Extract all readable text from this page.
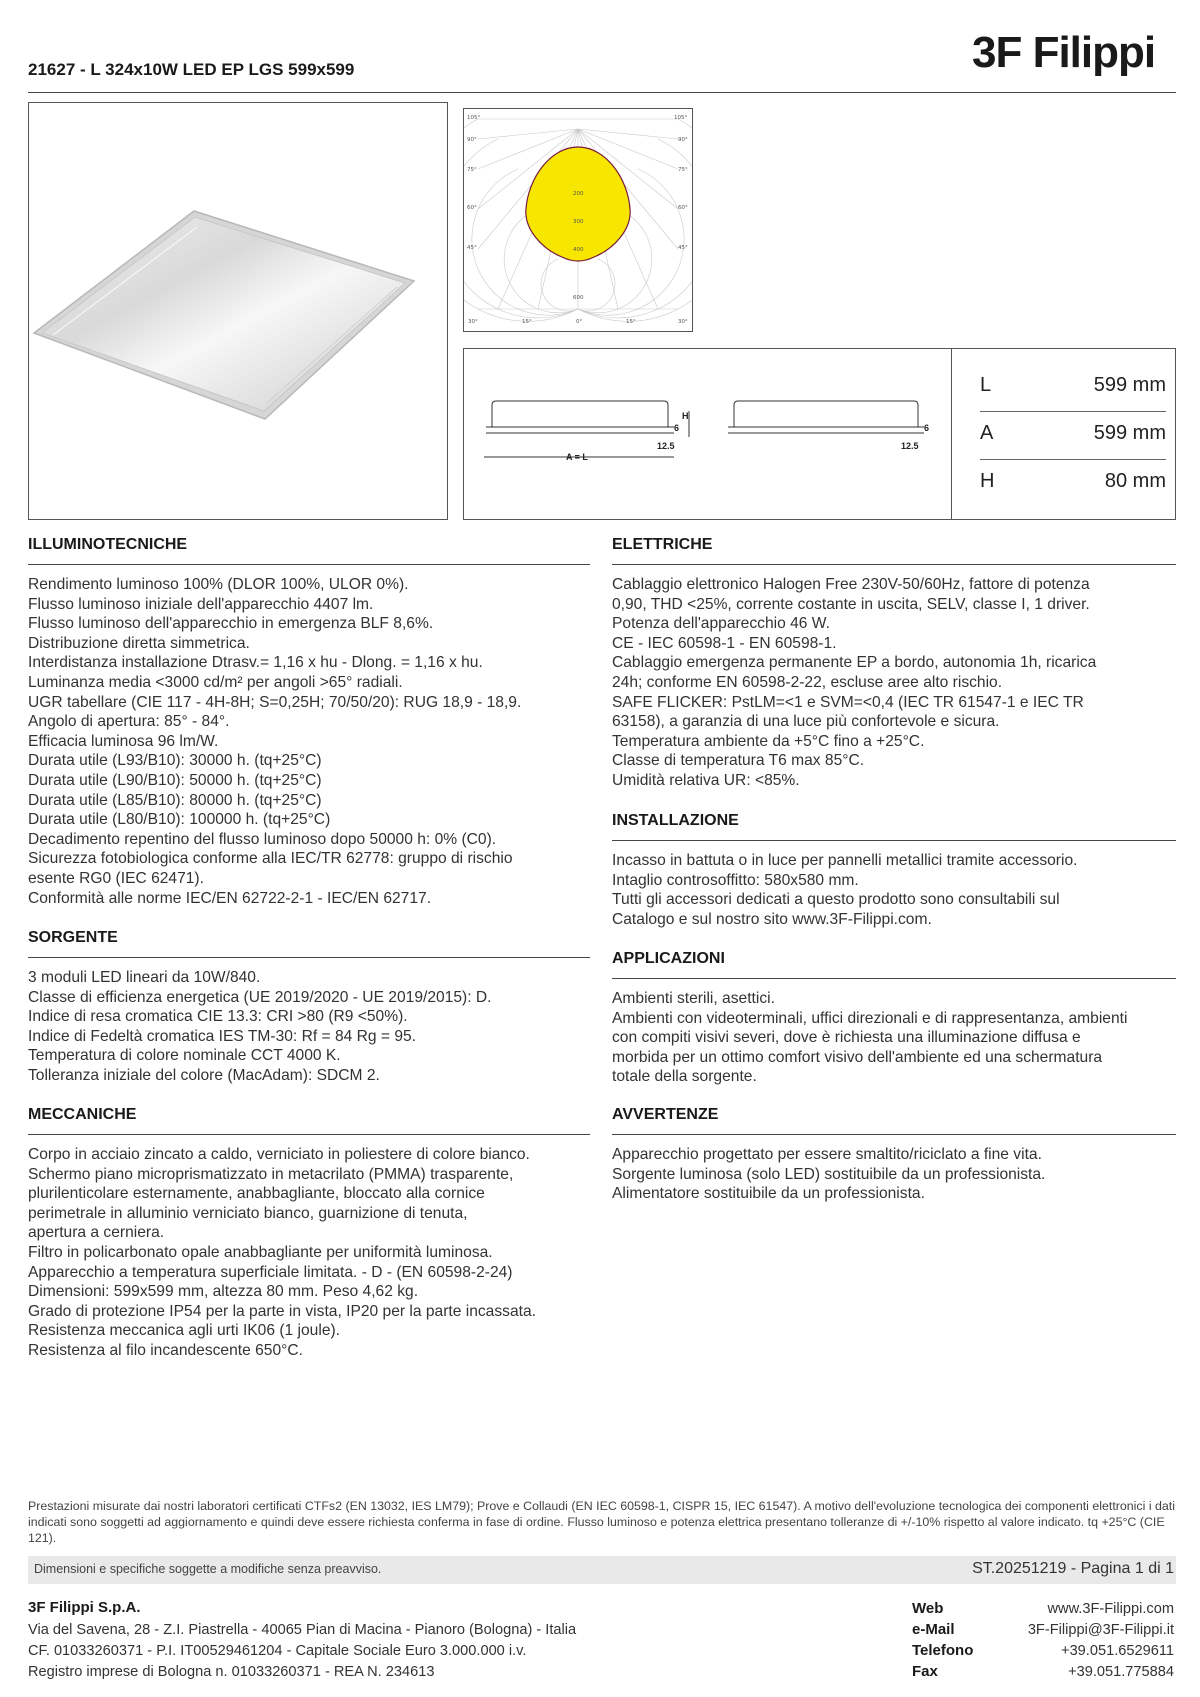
21627 - L 324x10W LED EP LGS 599x599	3F Filippi
105°	105°
90°	90°
75°	75°
60°	60°
45°	45°
30°	15°	0°	15°	30°
200
300
400
600
H
6	6
12.5	12.5
A = L
L	599 mm
A	599 mm
H	80 mm
ILLUMINOTECNICHE
Rendimento luminoso 100% (DLOR 100%, ULOR 0%).
Flusso luminoso iniziale dell'apparecchio 4407 lm.
Flusso luminoso dell'apparecchio in emergenza BLF 8,6%.
Distribuzione diretta simmetrica.
Interdistanza installazione Dtrasv.= 1,16 x hu - Dlong. = 1,16 x hu.
Luminanza media <3000 cd/m² per angoli >65° radiali.
UGR tabellare (CIE 117 - 4H-8H; S=0,25H; 70/50/20): RUG 18,9 - 18,9.
Angolo di apertura: 85° - 84°.
Efficacia luminosa 96 lm/W.
Durata utile (L93/B10): 30000 h. (tq+25°C)
Durata utile (L90/B10): 50000 h. (tq+25°C)
Durata utile (L85/B10): 80000 h. (tq+25°C)
Durata utile (L80/B10): 100000 h. (tq+25°C)
Decadimento repentino del flusso luminoso dopo 50000 h: 0% (C0).
Sicurezza fotobiologica conforme alla IEC/TR 62778: gruppo di rischio
esente RG0 (IEC 62471).
Conformità alle norme IEC/EN 62722-2-1 - IEC/EN 62717.
SORGENTE
3 moduli LED lineari da 10W/840.
Classe di efficienza energetica (UE 2019/2020 - UE 2019/2015): D.
Indice di resa cromatica CIE 13.3: CRI >80 (R9 <50%).
Indice di Fedeltà cromatica IES TM-30: Rf = 84 Rg = 95.
Temperatura di colore nominale CCT 4000 K.
Tolleranza iniziale del colore (MacAdam): SDCM 2.
MECCANICHE
Corpo in acciaio zincato a caldo, verniciato in poliestere di colore bianco.
Schermo piano microprismatizzato in metacrilato (PMMA) trasparente,
plurilenticolare esternamente, anabbagliante, bloccato alla cornice
perimetrale in alluminio verniciato bianco, guarnizione di tenuta,
apertura a cerniera.
Filtro in policarbonato opale anabbagliante per uniformità luminosa.
Apparecchio a temperatura superficiale limitata. - D - (EN 60598-2-24)
Dimensioni: 599x599 mm, altezza 80 mm. Peso 4,62 kg.
Grado di protezione IP54 per la parte in vista, IP20 per la parte incassata.
Resistenza meccanica agli urti IK06 (1 joule).
Resistenza al filo incandescente 650°C.
ELETTRICHE
Cablaggio elettronico Halogen Free 230V-50/60Hz, fattore di potenza
0,90, THD <25%, corrente costante in uscita, SELV, classe I, 1 driver.
Potenza dell'apparecchio 46 W.
CE - IEC 60598-1 - EN 60598-1.
Cablaggio emergenza permanente EP a bordo, autonomia 1h, ricarica
24h; conforme EN 60598-2-22, escluse aree alto rischio.
SAFE FLICKER: PstLM=<1 e SVM=<0,4 (IEC TR 61547-1 e IEC TR
63158), a garanzia di una luce più confortevole e sicura.
Temperatura ambiente da +5°C fino a +25°C.
Classe di temperatura T6 max 85°C.
Umidità relativa UR: <85%.
INSTALLAZIONE
Incasso in battuta o in luce per pannelli metallici tramite accessorio.
Intaglio controsoffitto: 580x580 mm.
Tutti gli accessori dedicati a questo prodotto sono consultabili sul
Catalogo e sul nostro sito www.3F-Filippi.com.
APPLICAZIONI
Ambienti sterili, asettici.
Ambienti con videoterminali, uffici direzionali e di rappresentanza, ambienti
con compiti visivi severi, dove è richiesta una illuminazione diffusa e
morbida per un ottimo comfort visivo dell'ambiente ed una schermatura
totale della sorgente.
AVVERTENZE
Apparecchio progettato per essere smaltito/riciclato a fine vita.
Sorgente luminosa (solo LED) sostituibile da un professionista.
Alimentatore sostituibile da un professionista.
Prestazioni misurate dai nostri laboratori certificati CTFs2 (EN 13032, IES LM79); Prove e Collaudi (EN IEC 60598-1, CISPR 15, IEC 61547). A motivo dell'evoluzione tecnologica dei componenti elettronici i dati indicati sono soggetti ad aggiornamento e quindi deve essere richiesta conferma in fase di ordine. Flusso luminoso e potenza elettrica presentano tolleranze di +/-10% rispetto al valore indicato. tq +25°C (CIE 121).
Dimensioni e specifiche soggette a modifiche senza preavviso.	ST.20251219 - Pagina 1 di 1
3F Filippi S.p.A.
Via del Savena, 28 - Z.I. Piastrella - 40065 Pian di Macina - Pianoro (Bologna) - Italia
CF. 01033260371 - P.I. IT00529461204 - Capitale Sociale Euro 3.000.000 i.v.
Registro imprese di Bologna n. 01033260371 - REA N. 234613
Web	www.3F-Filippi.com
e-Mail	3F-Filippi@3F-Filippi.it
Telefono	+39.051.6529611
Fax	+39.051.775884
